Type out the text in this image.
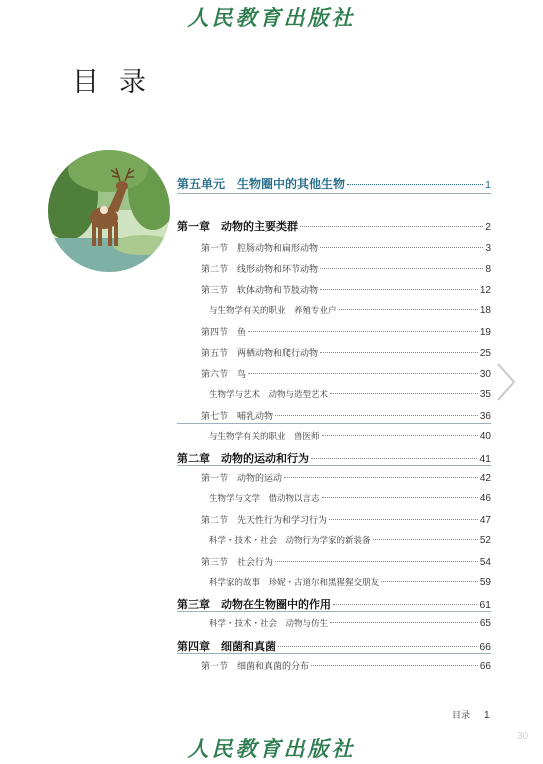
人民教育出版社
目录
第五单元　生物圈中的其他生物	1
第一章　动物的主要类群	2
第一节　腔肠动物和扁形动物	3
第二节　线形动物和环节动物	8
第三节　软体动物和节肢动物	12
与生物学有关的职业　养殖专业户	18
第四节　鱼	19
第五节　两栖动物和爬行动物	25
第六节　鸟	30
生物学与艺术　动物与造型艺术	35
第七节　哺乳动物	36
与生物学有关的职业　兽医师	40
第二章　动物的运动和行为	41
第一节　动物的运动	42
生物学与文学　借动物以言志	46
第二节　先天性行为和学习行为	47
科学・技术・社会　动物行为学家的新装备	52
第三节　社会行为	54
科学家的故事　珍妮・古道尔和黑猩猩交朋友	59
第三章　动物在生物圈中的作用	61
科学・技术・社会　动物与仿生	65
第四章　细菌和真菌	66
第一节　细菌和真菌的分布	66
目录 1
30
人民教育出版社
